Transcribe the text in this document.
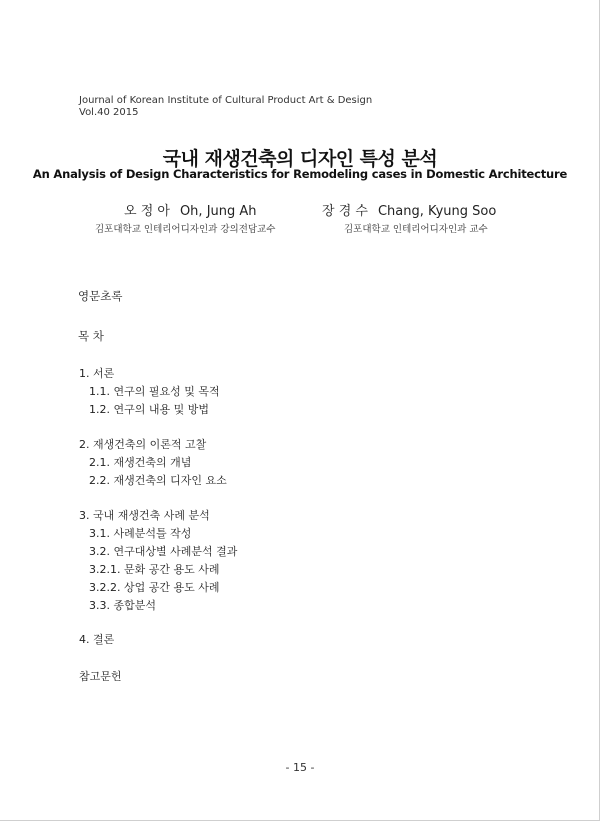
Journal of Korean Institute of Cultural Product Art & Design
Vol.40 2015
국내 재생건축의 디자인 특성 분석
An Analysis of Design Characteristics for Remodeling cases in Domestic Architecture
오 정 아 Oh, Jung Ah	장 경 수 Chang, Kyung Soo
김포대학교 인테리어디자인과 강의전담교수	김포대학교 인테리어디자인과 교수
영문초록
목 차
1. 서론
1.1. 연구의 필요성 및 목적
1.2. 연구의 내용 및 방법
2. 재생건축의 이론적 고찰
2.1. 재생건축의 개념
2.2. 재생건축의 디자인 요소
3. 국내 재생건축 사례 분석
3.1. 사례분석틀 작성
3.2. 연구대상별 사례분석 결과
3.2.1. 문화 공간 용도 사례
3.2.2. 상업 공간 용도 사례
3.3. 종합분석
4. 결론
참고문헌
- 15 -
